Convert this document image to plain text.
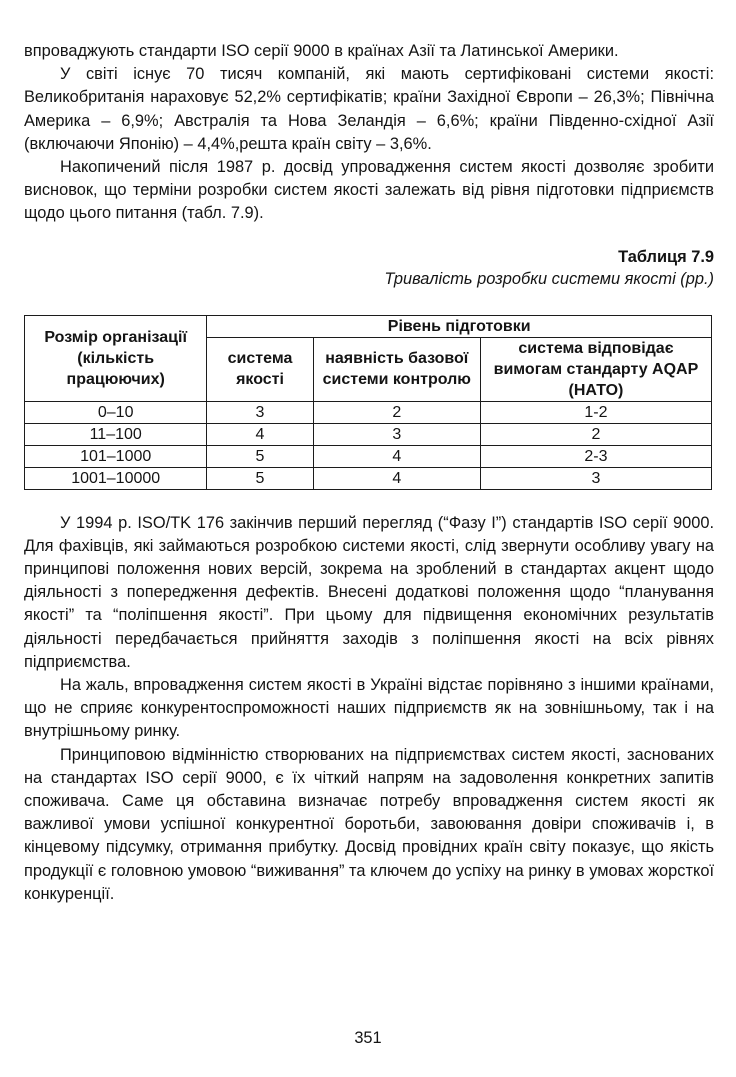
впроваджують стандарти ISO серії 9000 в країнах Азії та Латинської Америки.

У світі існує 70 тисяч компаній, які мають сертифіковані системи якості: Великобританія нараховує 52,2% сертифікатів; країни Західної Європи – 26,3%; Північна Америка – 6,9%; Австралія та Нова Зеландія – 6,6%; країни Південно-східної Азії (включаючи Японію) – 4,4%,решта країн світу – 3,6%.

Накопичений після 1987 р. досвід упровадження систем якості дозволяє зробити висновок, що терміни розробки систем якості залежать від рівня підготовки підприємств щодо цього питання (табл. 7.9).

Таблиця 7.9
Тривалість розробки системи якості (рр.)
Розмір організації (кількість працюючих)	Рівень підготовки		
	система якості	наявність базової системи контролю	система відповідає вимогам стандарту AQAP (НАТО)
0–10	3	2	1-2
11–100	4	3	2
101–1000	5	4	2-3
1001–10000	5	4	3

У 1994 р. ISO/TK 176 закінчив перший перегляд (“Фазу І”) стандартів ISO серії 9000. Для фахівців, які займаються розробкою системи якості, слід звернути особливу увагу на принципові положення нових версій, зокрема на зроблений в стандартах акцент щодо діяльності з попередження дефектів. Внесені додаткові положення щодо “планування якості” та “поліпшення якості”. При цьому для підвищення економічних результатів діяльності передбачається прийняття заходів з поліпшення якості на всіх рівнях підприємства.

На жаль, впровадження систем якості в Україні відстає порівняно з іншими країнами, що не сприяє конкурентоспроможності наших підприємств як на зовнішньому, так і на внутрішньому ринку.

Принциповою відмінністю створюваних на підприємствах систем якості, заснованих на стандартах ISO серії 9000, є їх чіткий напрям на задоволення конкретних запитів споживача. Саме ця обставина визначає потребу впровадження систем якості як важливої умови успішної конкурентної боротьби, завоювання довіри споживачів і, в кінцевому підсумку, отримання прибутку. Досвід провідних країн світу показує, що якість продукції є головною умовою “виживання” та ключем до успіху на ринку в умовах жорсткої конкуренції.

351
